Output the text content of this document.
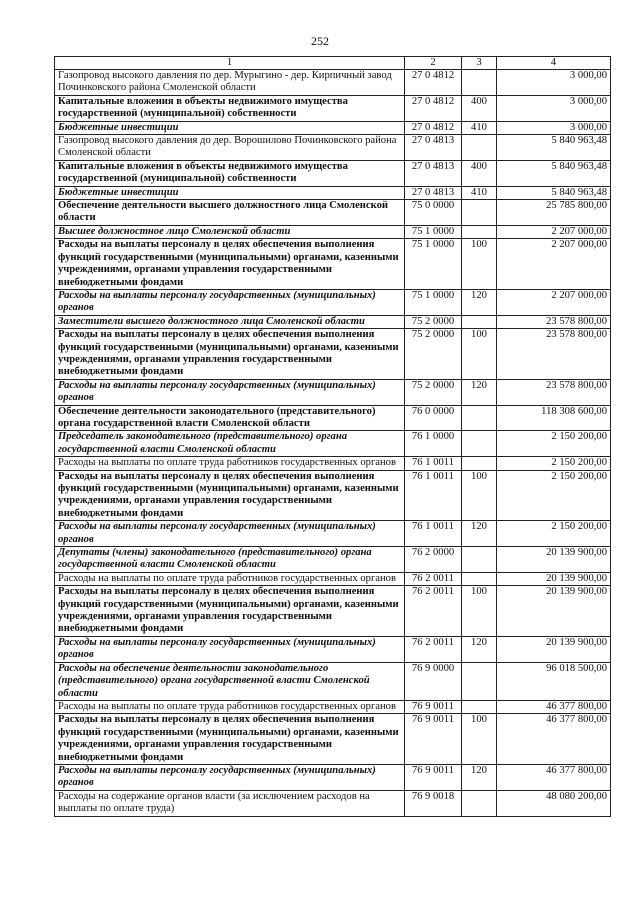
252
1	2	3	4
Газопровод высокого давления по дер. Мурыгино - дер. Кирпичный завод Починковского района Смоленской области	27 0 4812		3 000,00
Капитальные вложения в объекты недвижимого имущества государственной (муниципальной) собственности	27 0 4812	400	3 000,00
Бюджетные инвестиции	27 0 4812	410	3 000,00
Газопровод высокого давления до дер. Ворошилово Починковского района Смоленской области	27 0 4813		5 840 963,48
Капитальные вложения в объекты недвижимого имущества государственной (муниципальной) собственности	27 0 4813	400	5 840 963,48
Бюджетные инвестиции	27 0 4813	410	5 840 963,48
Обеспечение деятельности высшего должностного лица Смоленской области	75 0 0000		25 785 800,00
Высшее должностное лицо Смоленской области	75 1 0000		2 207 000,00
Расходы на выплаты персоналу в целях обеспечения выполнения функций государственными (муниципальными) органами, казенными учреждениями, органами управления государственными внебюджетными фондами	75 1 0000	100	2 207 000,00
Расходы на выплаты персоналу государственных (муниципальных) органов	75 1 0000	120	2 207 000,00
Заместители высшего должностного лица Смоленской области	75 2 0000		23 578 800,00
Расходы на выплаты персоналу в целях обеспечения выполнения функций государственными (муниципальными) органами, казенными учреждениями, органами управления государственными внебюджетными фондами	75 2 0000	100	23 578 800,00
Расходы на выплаты персоналу государственных (муниципальных) органов	75 2 0000	120	23 578 800,00
Обеспечение деятельности законодательного (представительного) органа государственной власти Смоленской области	76 0 0000		118 308 600,00
Председатель законодательного (представительного) органа государственной власти Смоленской области	76 1 0000		2 150 200,00
Расходы на выплаты по оплате труда работников государственных органов	76 1 0011		2 150 200,00
Расходы на выплаты персоналу в целях обеспечения выполнения функций государственными (муниципальными) органами, казенными учреждениями, органами управления государственными внебюджетными фондами	76 1 0011	100	2 150 200,00
Расходы на выплаты персоналу государственных (муниципальных) органов	76 1 0011	120	2 150 200,00
Депутаты (члены) законодательного (представительного) органа государственной власти Смоленской области	76 2 0000		20 139 900,00
Расходы на выплаты по оплате труда работников государственных органов	76 2 0011		20 139 900,00
Расходы на выплаты персоналу в целях обеспечения выполнения функций государственными (муниципальными) органами, казенными учреждениями, органами управления государственными внебюджетными фондами	76 2 0011	100	20 139 900,00
Расходы на выплаты персоналу государственных (муниципальных) органов	76 2 0011	120	20 139 900,00
Расходы на обеспечение деятельности законодательного (представительного) органа государственной власти Смоленской области	76 9 0000		96 018 500,00
Расходы на выплаты по оплате труда работников государственных органов	76 9 0011		46 377 800,00
Расходы на выплаты персоналу в целях обеспечения выполнения функций государственными (муниципальными) органами, казенными учреждениями, органами управления государственными внебюджетными фондами	76 9 0011	100	46 377 800,00
Расходы на выплаты персоналу государственных (муниципальных) органов	76 9 0011	120	46 377 800,00
Расходы на содержание органов власти (за исключением расходов на выплаты по оплате труда)	76 9 0018		48 080 200,00
